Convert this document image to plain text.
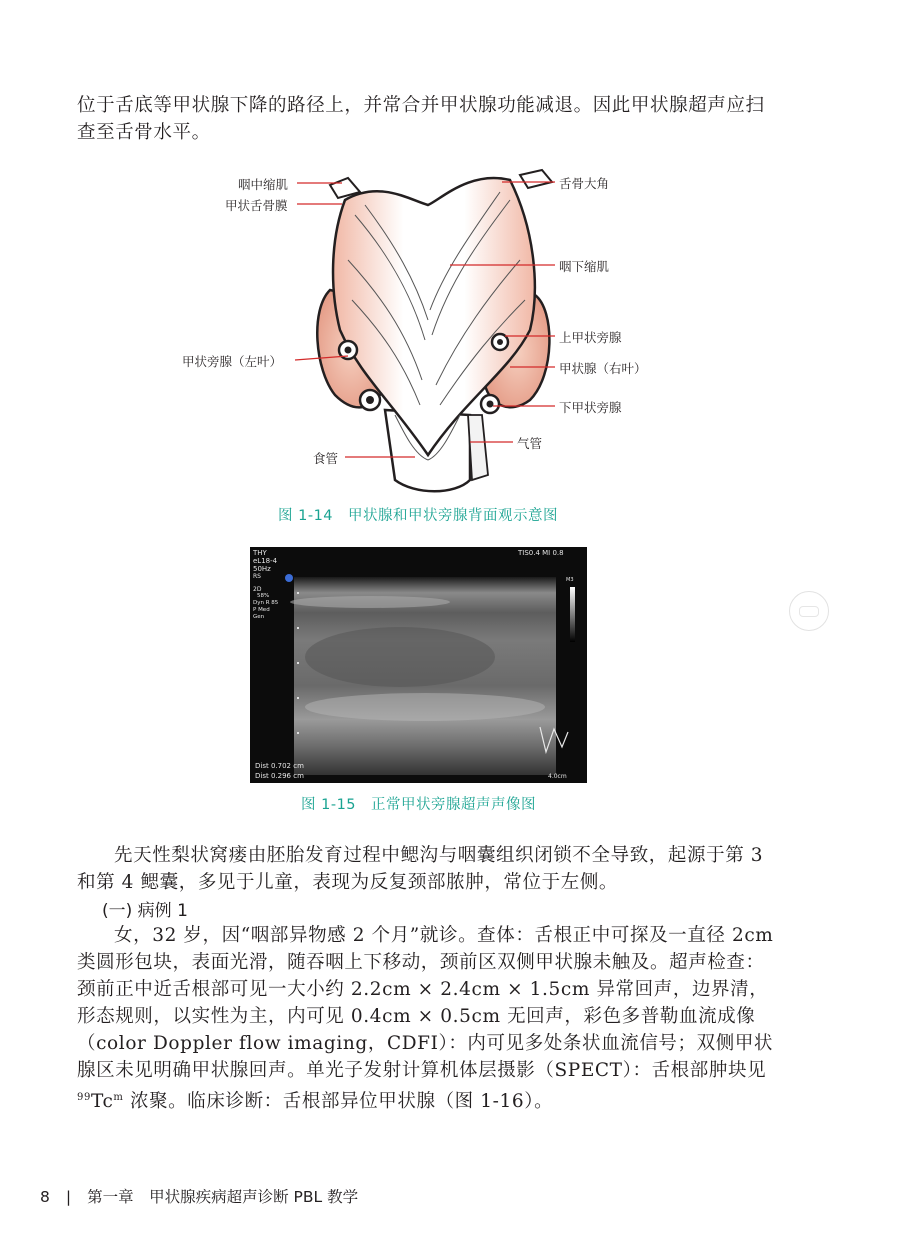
位于舌底等甲状腺下降的路径上，并常合并甲状腺功能减退。因此甲状腺超声应扫查至舌骨水平。

咽中缩肌
甲状舌骨膜
舌骨大角
咽下缩肌
上甲状旁腺
甲状旁腺（左叶）	甲状腺（右叶）
下甲状旁腺
气管
食管
图 1-14　甲状腺和甲状旁腺背面观示意图
THY
eL18-4
50Hz
RS
2D
58%
Dyn R 85
P Med
Gen
TIS0.4 MI 0.8
M3
Dist 0.702 cm
Dist 0.296 cm	4.0cm
图 1-15　正常甲状旁腺超声声像图

先天性梨状窝瘘由胚胎发育过程中鳃沟与咽囊组织闭锁不全导致，起源于第 3 和第 4 鳃囊，多见于儿童，表现为反复颈部脓肿，常位于左侧。

(一) 病例 1

女，32 岁，因“咽部异物感 2 个月”就诊。查体：舌根正中可探及一直径 2cm 类圆形包块，表面光滑，随吞咽上下移动，颈前区双侧甲状腺未触及。超声检查：颈前正中近舌根部可见一大小约 2.2cm × 2.4cm × 1.5cm 异常回声，边界清，形态规则，以实性为主，内可见 0.4cm × 0.5cm 无回声，彩色多普勒血流成像（color Doppler flow imaging，CDFI）：内可见多处条状血流信号；双侧甲状腺区未见明确甲状腺回声。单光子发射计算机体层摄影（SPECT）：舌根部肿块见 $^{99}$Tc$^m$ 浓聚。临床诊断：舌根部异位甲状腺（图 1-16）。

8 | 第一章　甲状腺疾病超声诊断 PBL 教学
